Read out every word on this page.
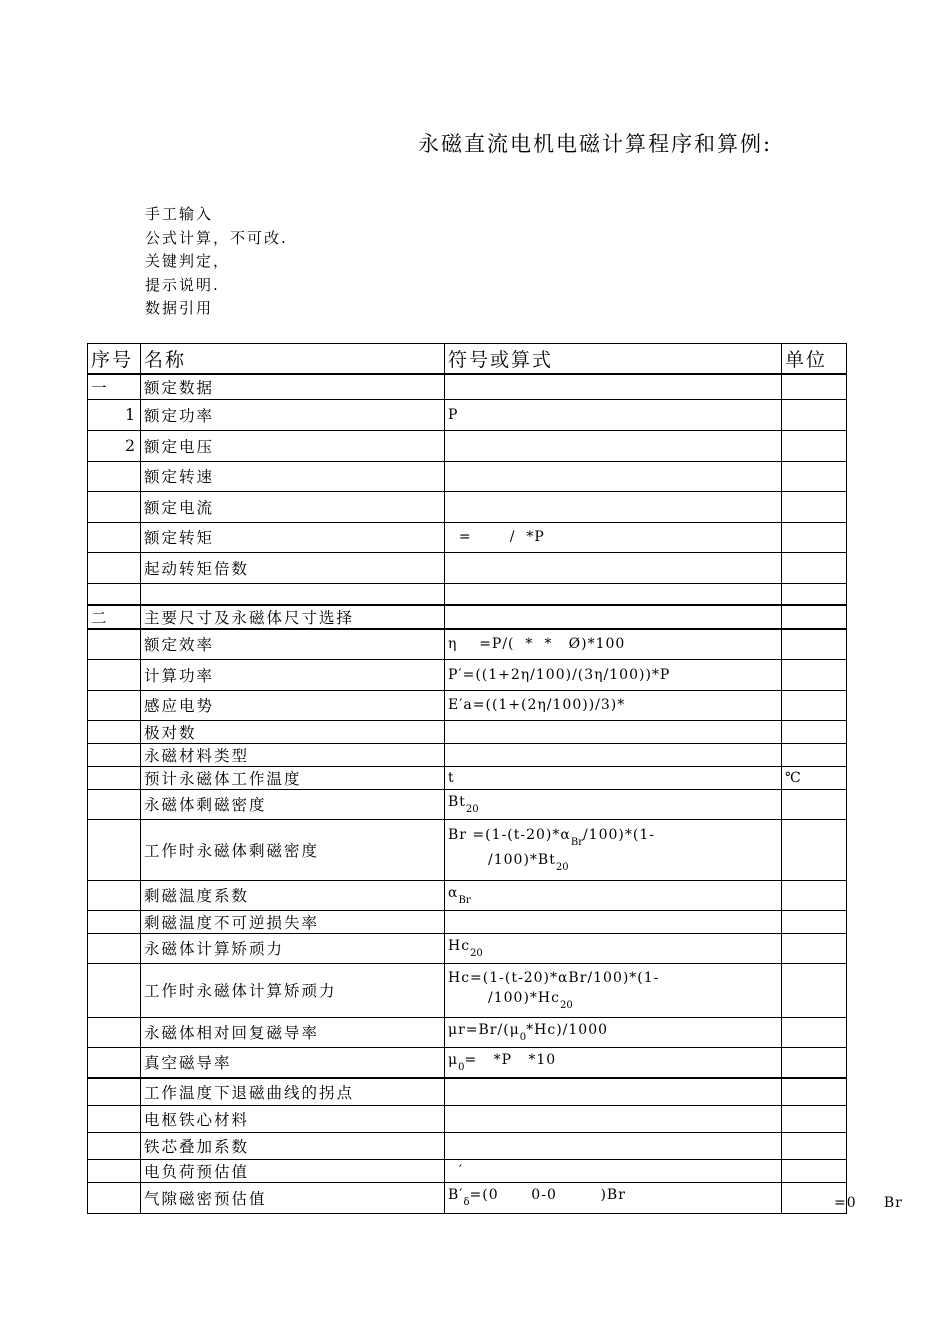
永磁直流电机电磁计算程序和算例:
手工输入
公式计算，不可改.
关键判定，
提示说明.
数据引用
序号	名称	符号或算式	单位
一	额定数据		
1	额定功率	P	
2	额定电压		
	额定转速		
	额定电流		
	额定转矩	=       /  *P	
	起动转矩倍数		

二	主要尺寸及永磁体尺寸选择		
	额定效率	η    =P/(  *  *   Ø)*100	
	计算功率	P′=((1+2η/100)/(3η/100))*P	
	感应电势	E′a=((1+(2η/100))/3)*	
	极对数		
	永磁材料类型		
	预计永磁体工作温度	t	℃
	永磁体剩磁密度	$Bt_{20}$	
	工作时永磁体剩磁密度	$Br =(1-(t-20)*\alpha_{Br}/100)*(1-$
$/100)*Bt_{20}$

	剩磁温度系数	$\alpha_{Br}$	
	剩磁温度不可逆损失率		
	永磁体计算矫顽力	$Hc_{20}$	
	工作时永磁体计算矫顽力	Hc=(1-(t-20)*αBr/100)*(1-
$/100)*Hc_{20}$

	永磁体相对回复磁导率	$\mu r=Br/(\mu_0*Hc)/1000$	
	真空磁导率	$\mu_0= *P$   *10	
	工作温度下退磁曲线的拐点		
	电枢铁心材料		
	铁芯叠加系数		
	电负荷预估值	′	
	气隙磁密预估值	$B'_\delta=(0$      0-0        )Br		=0     Br
